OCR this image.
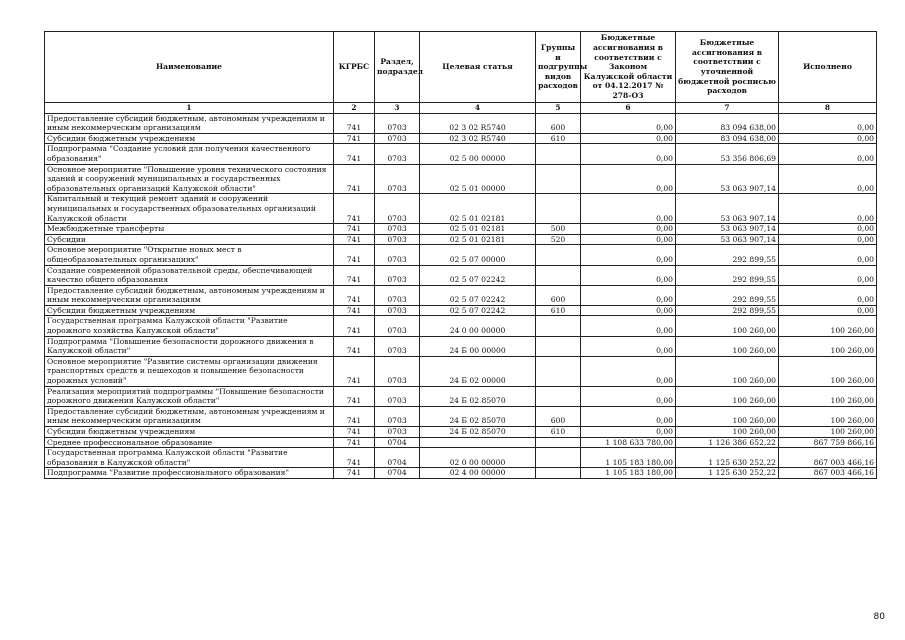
Наименование	КГРБС	Раздел, подраздел	Целевая статья	Группы и подгруппы видов расходов	Бюджетные ассигнования в соответствии с Законом Калужской области от 04.12.2017 № 278-ОЗ	Бюджетные ассигнования в соответствии с уточненной бюджетной росписью расходов	Исполнено
1	2	3	4	5	6	7	8
Предоставление субсидий бюджетным, автономным учреждениям и иным некоммерческим организациям	741	0703	02 3 02 R5740	600	0,00	83 094 638,00	0,00
Субсидии бюджетным учреждениям	741	0703	02 3 02 R5740	610	0,00	83 094 638,00	0,00
Подпрограмма "Создание условий для получения качественного образования"	741	0703	02 5 00 00000		0,00	53 356 806,69	0,00
Основное мероприятие "Повышение уровня технического состояния зданий и сооружений муниципальных и государственных образовательных организаций Калужской области"	741	0703	02 5 01 00000		0,00	53 063 907,14	0,00
Капитальный и текущий ремонт зданий и сооружений муниципальных и государственных образовательных организаций Калужской области	741	0703	02 5 01 02181		0,00	53 063 907,14	0,00
Межбюджетные трансферты	741	0703	02 5 01 02181	500	0,00	53 063 907,14	0,00
Субсидии	741	0703	02 5 01 02181	520	0,00	53 063 907,14	0,00
Основное мероприятие "Открытие новых мест в общеобразовательных организациях"	741	0703	02 5 07 00000		0,00	292 899,55	0,00
Создание современной образовательной среды, обеспечивающей качество общего образования	741	0703	02 5 07 02242		0,00	292 899,55	0,00
Предоставление субсидий бюджетным, автономным учреждениям и иным некоммерческим организациям	741	0703	02 5 07 02242	600	0,00	292 899,55	0,00
Субсидии бюджетным учреждениям	741	0703	02 5 07 02242	610	0,00	292 899,55	0,00
Государственная программа Калужской области "Развитие дорожного хозяйства Калужской области"	741	0703	24 0 00 00000		0,00	100 260,00	100 260,00
Подпрограмма "Повышение безопасности дорожного движения в Калужской области"	741	0703	24 Б 00 00000		0,00	100 260,00	100 260,00
Основное мероприятие "Развитие системы организации движения транспортных средств и пешеходов и повышение безопасности дорожных условий"	741	0703	24 Б 02 00000		0,00	100 260,00	100 260,00
Реализация мероприятий подпрограммы "Повышение безопасности дорожного движения Калужской области"	741	0703	24 Б 02 85070		0,00	100 260,00	100 260,00
Предоставление субсидий бюджетным, автономным учреждениям и иным некоммерческим организациям	741	0703	24 Б 02 85070	600	0,00	100 260,00	100 260,00
Субсидии бюджетным учреждениям	741	0703	24 Б 02 85070	610	0,00	100 260,00	100 260,00
Среднее профессиональное образование	741	0704			1 108 633 780,00	1 126 386 652,22	867 759 866,16
Государственная программа Калужской области "Развитие образования в Калужской области"	741	0704	02 0 00 00000		1 105 183 180,00	1 125 630 252,22	867 003 466,16
Подпрограмма "Развитие профессионального образования"	741	0704	02 4 00 00000		1 105 183 180,00	1 125 630 252,22	867 003 466,16
80
